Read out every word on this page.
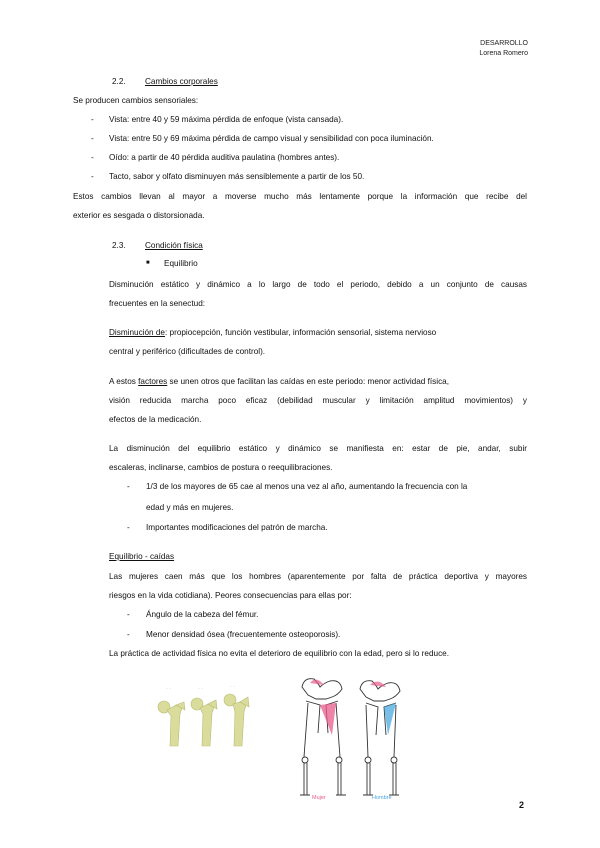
DESARROLLO
Lorena Romero
2.2. Cambios corporales
Se producen cambios sensoriales:
- Vista: entre 40 y 59 máxima pérdida de enfoque (vista cansada).
- Vista: entre 50 y 69 máxima pérdida de campo visual y sensibilidad con poca iluminación.
- Oído: a partir de 40 pérdida auditiva paulatina (hombres antes).
- Tacto, sabor y olfato disminuyen más sensiblemente a partir de los 50.
Estos cambios llevan al mayor a moverse mucho más lentamente porque la información que recibe del
exterior es sesgada o distorsionada.
2.3. Condición física
■ Equilibrio
Disminución estático y dinámico a lo largo de todo el periodo, debido a un conjunto de causas
frecuentes en la senectud:
Disminución de: propiocepción, función vestibular, información sensorial, sistema nervioso
central y periférico (dificultades de control).
A estos factores se unen otros que facilitan las caídas en este periodo: menor actividad física,
visión reducida marcha poco eficaz (debilidad muscular y limitación amplitud movimientos) y
efectos de la medicación.
La disminución del equilibrio estático y dinámico se manifiesta en: estar de pie, andar, subir
escaleras, inclinarse, cambios de postura o reequilibraciones.
- 1/3 de los mayores de 65 cae al menos una vez al año, aumentando la frecuencia con la
edad y más en mujeres.
- Importantes modificaciones del patrón de marcha.
Equilibrio - caídas
Las mujeres caen más que los hombres (aparentemente por falta de práctica deportiva y mayores
riesgos en la vida cotidiana). Peores consecuencias para ellas por:
- Ángulo de la cabeza del fémur.
- Menor densidad ósea (frecuentemente osteoporosis).
La práctica de actividad física no evita el deterioro de equilibrio con la edad, pero si lo reduce.
·· ··	·· ··	·· ··
Mujer	Hombre
2
